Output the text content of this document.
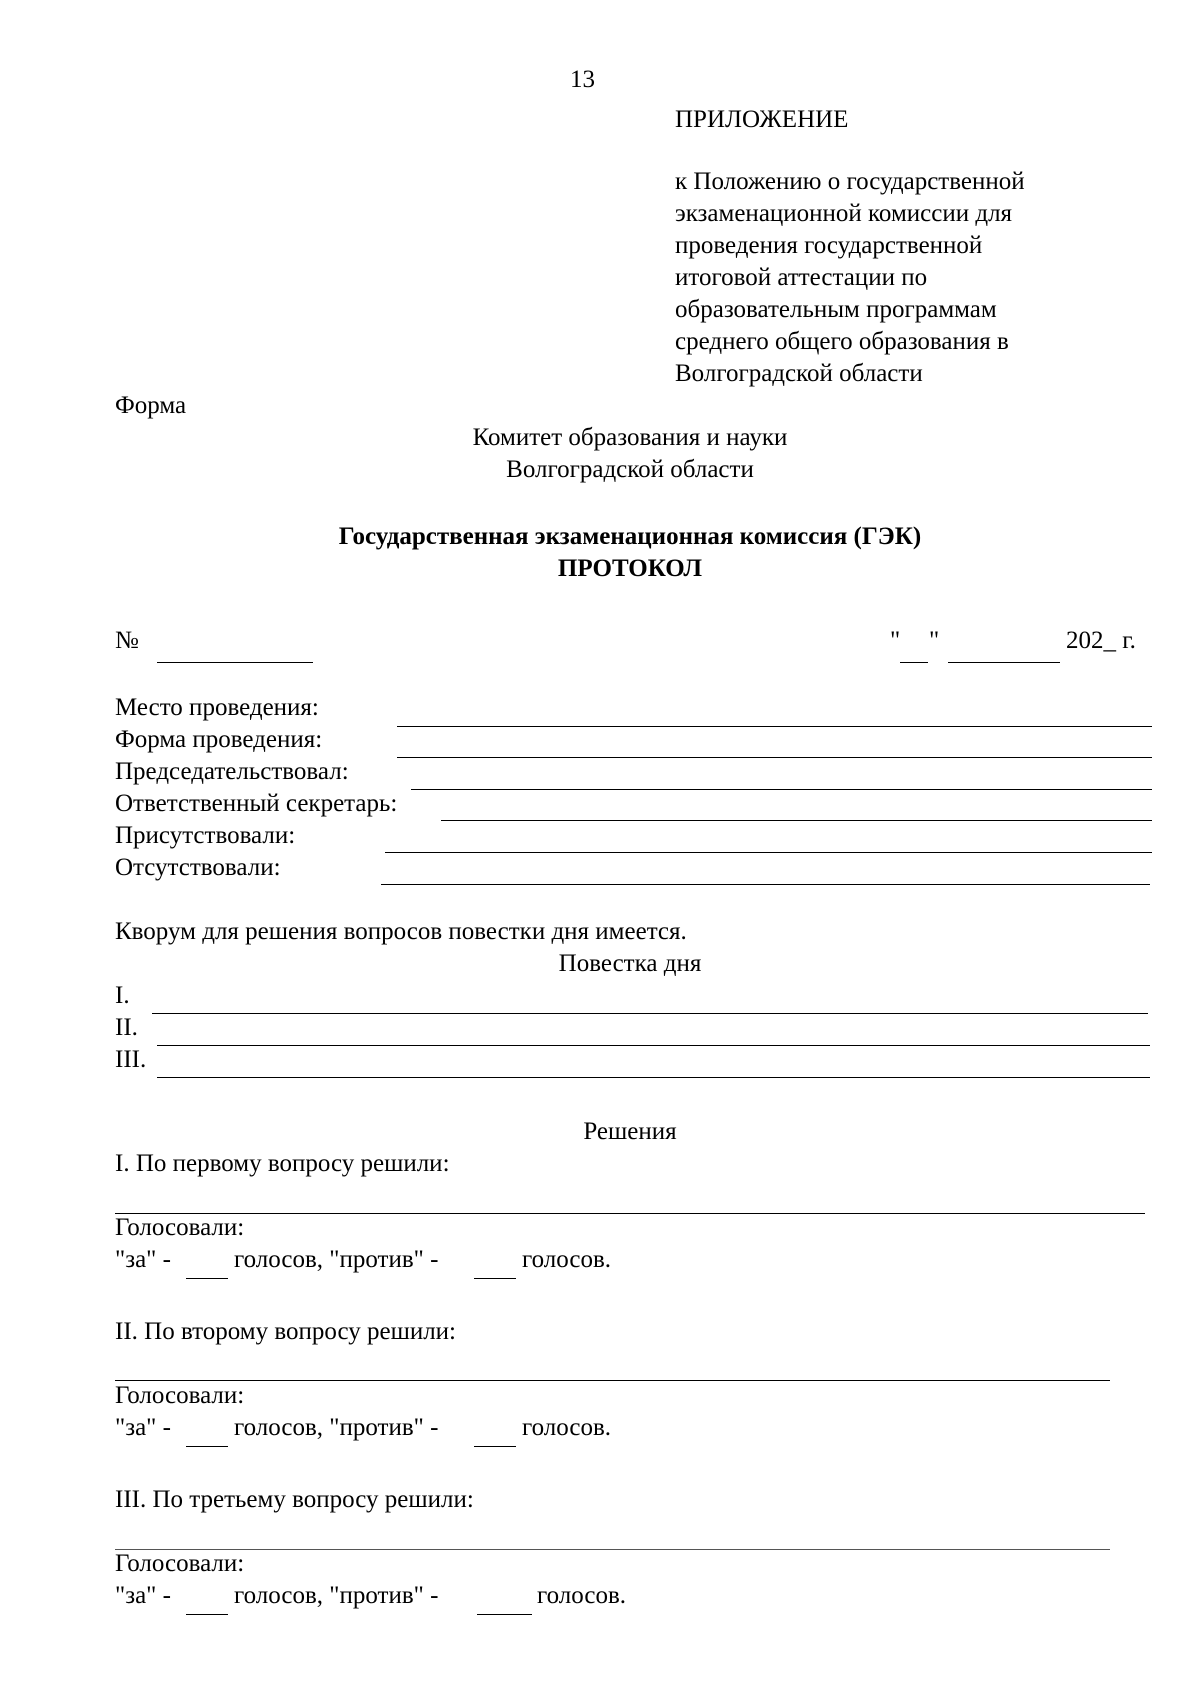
13
ПРИЛОЖЕНИЕ
к Положению о государственной
экзаменационной комиссии для
проведения государственной
итоговой аттестации по
образовательным программам
среднего общего образования в
Волгоградской области
Форма
Комитет образования и науки
Волгоградской области
Государственная экзаменационная комиссия (ГЭК)
ПРОТОКОЛ
№	" "	202_ г.
Место проведения:
Форма проведения:
Председательствовал:
Ответственный секретарь:
Присутствовали:
Отсутствовали:
Кворум для решения вопросов повестки дня имеется.
Повестка дня
I.
II.
III.
Решения
I. По первому вопросу решили:
Голосовали:
"за" -	голосов, "против" -	голосов.
II. По второму вопросу решили:
Голосовали:
"за" -	голосов, "против" -	голосов.
III. По третьему вопросу решили:
Голосовали:
"за" -	голосов, "против" -	голосов.
